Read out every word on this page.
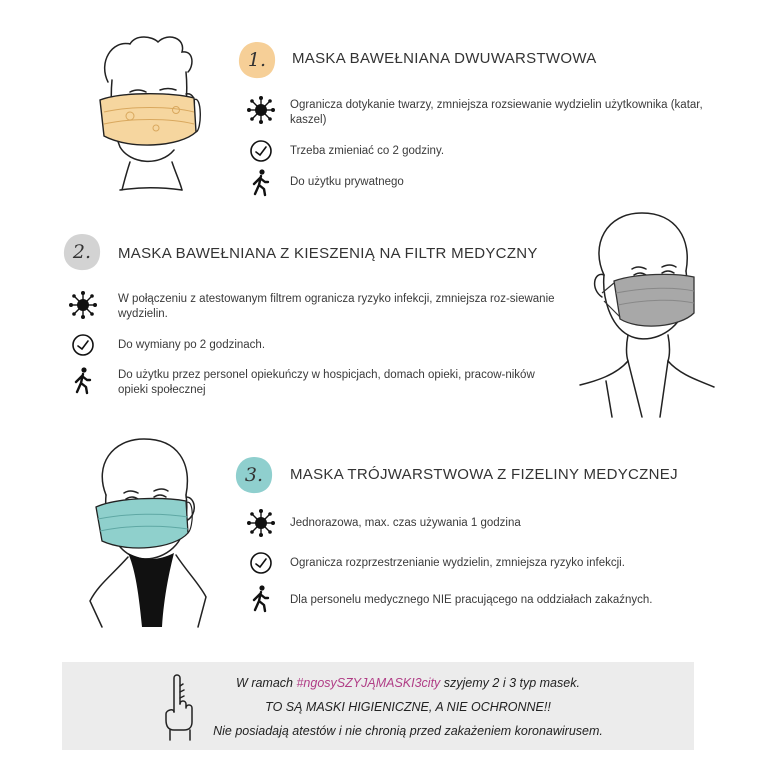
1. MASKA BAWEŁNIANA DWUWARSTWOWA
Ogranicza dotykanie twarzy, zmniejsza rozsiewanie wydzielin użytkownika (katar, kaszel)
Trzeba zmieniać co 2 godziny.
Do użytku prywatnego
2. MASKA BAWEŁNIANA Z KIESZENIĄ NA FILTR MEDYCZNY
W połączeniu z atestowanym filtrem ogranicza ryzyko infekcji, zmniejsza roz-siewanie wydzielin.
Do wymiany po 2 godzinach.
Do użytku przez personel opiekuńczy w hospicjach, domach opieki, pracow-ników opieki społecznej
3. MASKA TRÓJWARSTWOWA Z FIZELINY MEDYCZNEJ
Jednorazowa, max. czas używania 1 godzina
Ogranicza rozprzestrzenianie wydzielin, zmniejsza ryzyko infekcji.
Dla personelu medycznego NIE pracującego na oddziałach zakaźnych.
W ramach #ngosySZYJĄMASKI3city szyjemy 2 i 3 typ masek.
TO SĄ MASKI HIGIENICZNE, A NIE OCHRONNE!!
Nie posiadają atestów i nie chronią przed zakażeniem koronawirusem.
